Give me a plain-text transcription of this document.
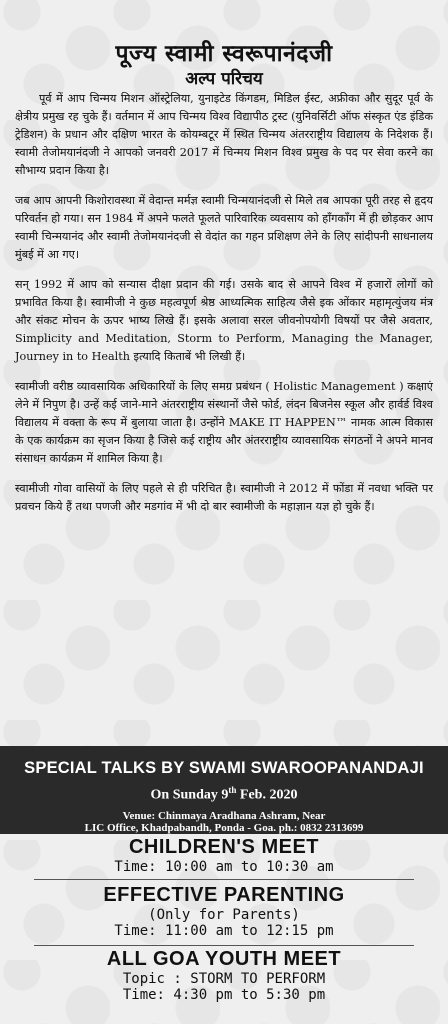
पूज्य स्वामी स्वरूपानंदजी
अल्प परिचय

पूर्व में आप चिन्मय मिशन ऑस्ट्रेलिया, युनाइटेड किंगडम, मिडिल ईस्ट, अफ्रीका और सुदूर पूर्व के क्षेत्रीय प्रमुख रह चुके हैं। वर्तमान में आप चिन्मय विश्व विद्यापीठ ट्रस्ट (युनिवर्सिटी ऑफ संस्कृत एंड इंडिक ट्रेडिशन) के प्रधान और दक्षिण भारत के कोयम्बटूर में स्थित चिन्मय अंतरराष्ट्रीय विद्यालय के निदेशक हैं। स्वामी तेजोमयानंदजी ने आपको जनवरी 2017 में चिन्मय मिशन विश्व प्रमुख के पद पर सेवा करने का सौभाग्य प्रदान किया है।

जब आप आपनी किशोरावस्था में वेदान्त मर्मज्ञ स्वामी चिन्मयानंदजी से मिले तब आपका पूरी तरह से हृदय परिवर्तन हो गया। सन 1984 में अपने फलते फूलते पारिवारिक व्यवसाय को हाँगकाँग में ही छोड़कर आप स्वामी चिन्मयानंद और स्वामी तेजोमयानंदजी से वेदांत का गहन प्रशिक्षण लेने के लिए सांदीपनी साधनालय मुंबई में आ गए।

सन् 1992 में आप को सन्यास दीक्षा प्रदान की गई। उसके बाद से आपने विश्व में हजारों लोगों को प्रभावित किया है। स्वामीजी ने कुछ महत्वपूर्ण श्रेष्ठ आध्यत्मिक साहित्य जैसे इक ओंकार महामृत्युंजय मंत्र और संकट मोचन के ऊपर भाष्य लिखे हैं। इसके अलावा सरल जीवनोपयोगी विषयों पर जैसे अवतार, Simplicity and Meditation, Storm to Perform, Managing the Manager, Journey in to Health इत्यादि किताबें भी लिखी हैं।

स्वामीजी वरीष्ठ व्यावसायिक अधिकारियों के लिए समग्र प्रबंधन ( Holistic Management ) कक्षाएं लेने में निपुण है। उन्हें कई जाने-माने अंतरराष्ट्रीय संस्थानों जैसे फोर्ड, लंदन बिजनेस स्कूल और हार्वर्ड विश्व विद्यालय में वक्ता के रूप में बुलाया जाता है। उन्होंने MAKE IT HAPPEN™ नामक आत्म विकास के एक कार्यक्रम का सृजन किया है जिसे कई राष्ट्रीय और अंतरराष्ट्रीय व्यावसायिक संगठनों ने अपने मानव संसाधन कार्यक्रम में शामिल किया है।

स्वामीजी गोवा वासियों के लिए पहले से ही परिचित है। स्वामीजी ने 2012 में फोंडा में नवधा भक्ति पर प्रवचन किये हैं तथा पणजी और मडगांव में भी दो बार स्वामीजी के महाज्ञान यज्ञ हो चुके हैं।

SPECIAL TALKS BY SWAMI SWAROOPANANDAJI
On Sunday 9th Feb. 2020
Venue: Chinmaya Aradhana Ashram, Near
LIC Office, Khadpabandh, Ponda - Goa. ph.: 0832 2313699
CHILDREN'S MEET
Time: 10:00 am to 10:30 am
EFFECTIVE PARENTING
(Only for Parents)
Time: 11:00 am to 12:15 pm
ALL GOA YOUTH MEET
Topic : STORM TO PERFORM
Time: 4:30 pm to 5:30 pm
